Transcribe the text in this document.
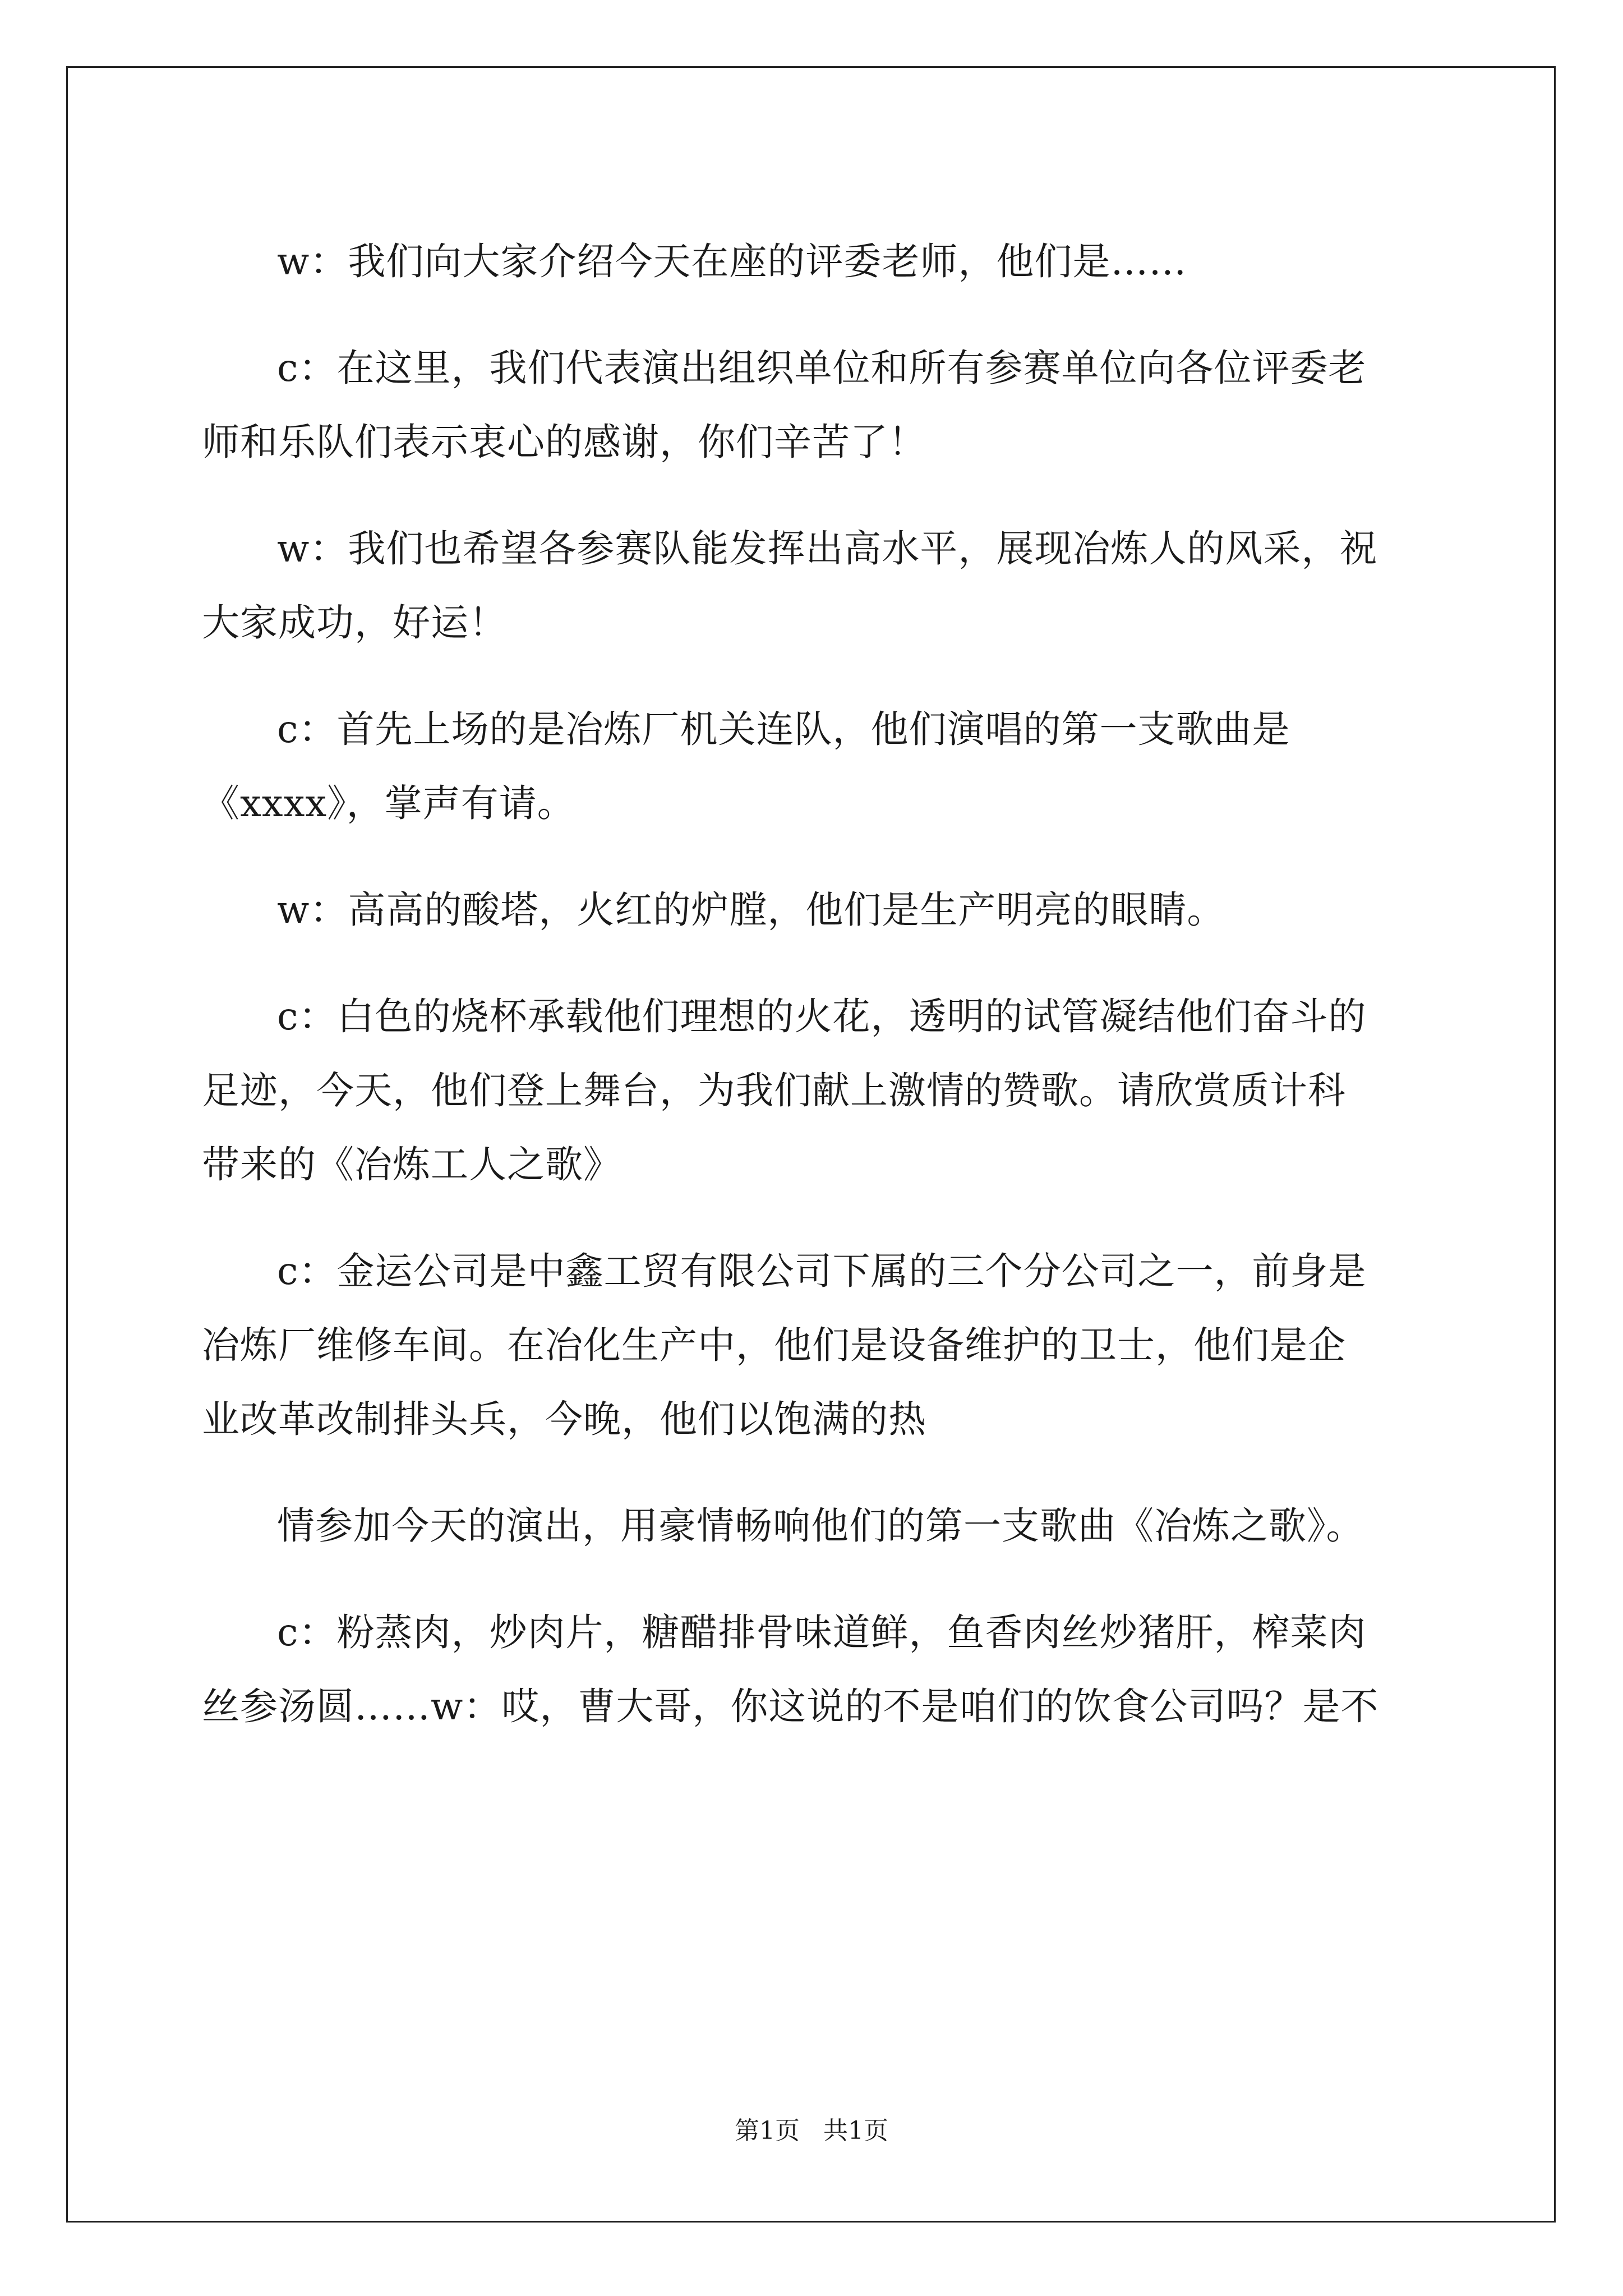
w：我们向大家介绍今天在座的评委老师，他们是……

c：在这里，我们代表演出组织单位和所有参赛单位向各位评委老
师和乐队们表示衷心的感谢，你们辛苦了！

w：我们也希望各参赛队能发挥出高水平，展现冶炼人的风采，祝
大家成功，好运！

c：首先上场的是冶炼厂机关连队，他们演唱的第一支歌曲是
《xxxx》，掌声有请。

w：高高的酸塔，火红的炉膛，他们是生产明亮的眼睛。

c：白色的烧杯承载他们理想的火花，透明的试管凝结他们奋斗的
足迹，今天，他们登上舞台，为我们献上激情的赞歌。请欣赏质计科
带来的《冶炼工人之歌》

c：金运公司是中鑫工贸有限公司下属的三个分公司之一，前身是
冶炼厂维修车间。在冶化生产中，他们是设备维护的卫士，他们是企
业改革改制排头兵，今晚，他们以饱满的热

情参加今天的演出，用豪情畅响他们的第一支歌曲《冶炼之歌》。

c：粉蒸肉，炒肉片，糖醋排骨味道鲜，鱼香肉丝炒猪肝，榨菜肉
丝参汤圆……w：哎，曹大哥，你这说的不是咱们的饮食公司吗？是不

第1页 共1页
